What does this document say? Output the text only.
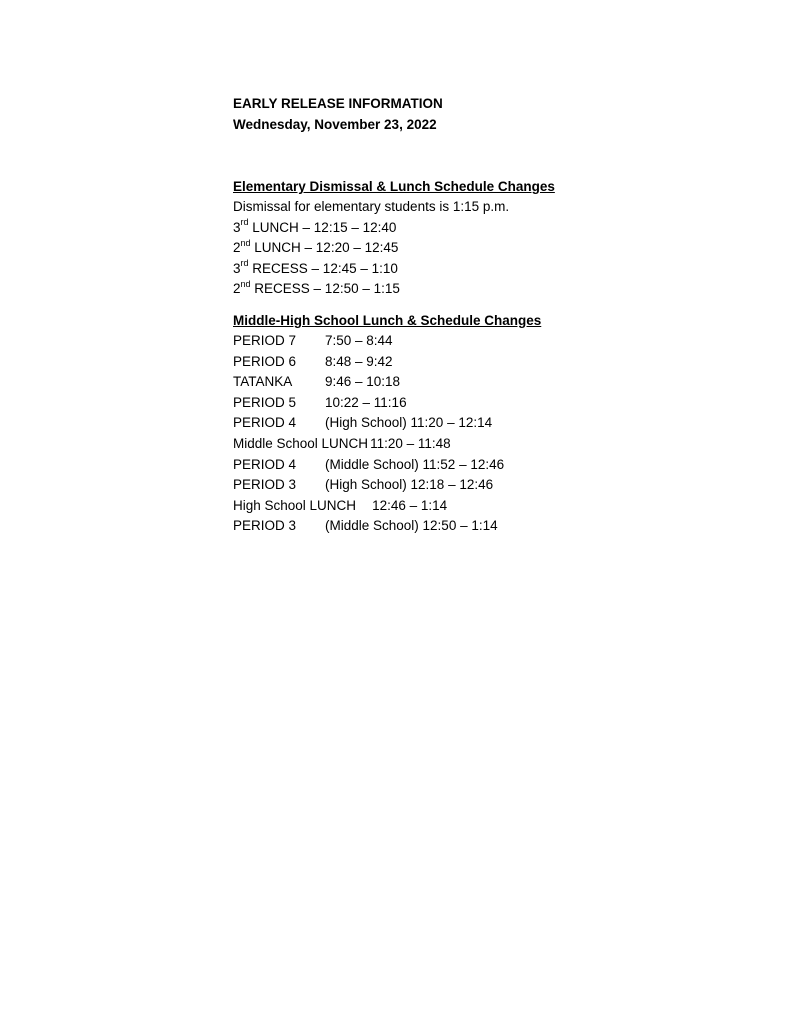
EARLY RELEASE INFORMATION

Wednesday, November 23, 2022

Elementary Dismissal & Lunch Schedule Changes

Dismissal for elementary students is 1:15 p.m.

3rd LUNCH – 12:15 – 12:40

2nd LUNCH – 12:20 – 12:45

3rd RECESS – 12:45 – 1:10

2nd RECESS – 12:50 – 1:15

Middle-High School Lunch & Schedule Changes

PERIOD 7	7:50 – 8:44
PERIOD 6	8:48 – 9:42
TATANKA	9:46 – 10:18
PERIOD 5	10:22 – 11:16
PERIOD 4	(High School) 11:20 – 12:14
Middle School LUNCH 11:20 – 11:48
PERIOD 4	(Middle School) 11:52 – 12:46
PERIOD 3	(High School) 12:18 – 12:46
High School LUNCH 12:46 – 1:14
PERIOD 3	(Middle School) 12:50 – 1:14
